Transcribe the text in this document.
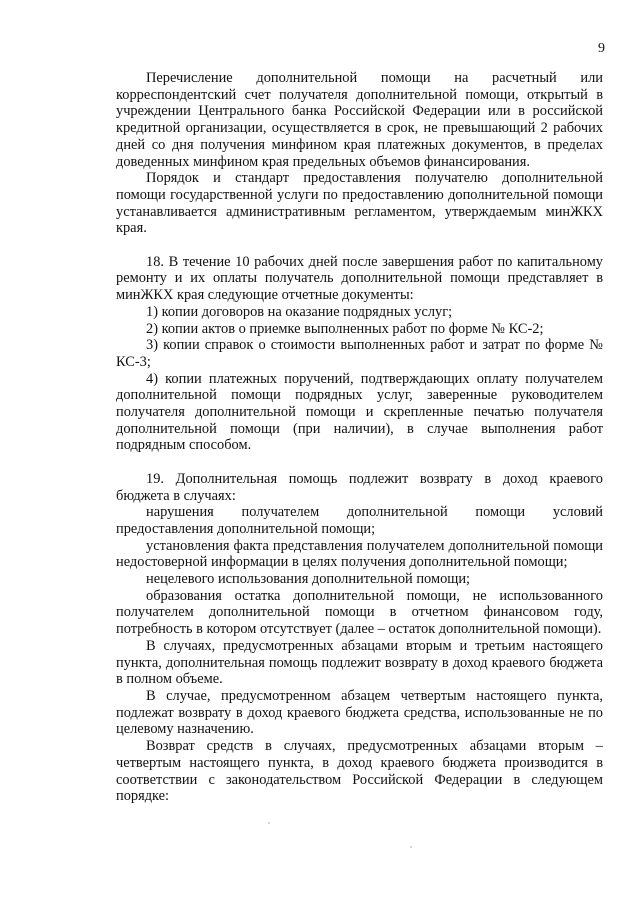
9

Перечисление дополнительной помощи на расчетный или корреспондентский счет получателя дополнительной помощи, открытый в учреждении Центрального банка Российской Федерации или в российской кредитной организации, осуществляется в срок, не превышающий 2 рабочих дней со дня получения минфином края платежных документов, в пределах доведенных минфином края предельных объемов финансирования.

Порядок и стандарт предоставления получателю дополнительной помощи государственной услуги по предоставлению дополнительной помощи устанавливается административным регламентом, утверждаемым минЖКХ края.

18. В течение 10 рабочих дней после завершения работ по капитальному ремонту и их оплаты получатель дополнительной помощи представляет в минЖКХ края следующие отчетные документы:

1) копии договоров на оказание подрядных услуг;

2) копии актов о приемке выполненных работ по форме № КС-2;

3) копии справок о стоимости выполненных работ и затрат по форме № КС-3;

4) копии платежных поручений, подтверждающих оплату получателем дополнительной помощи подрядных услуг, заверенные руководителем получателя дополнительной помощи и скрепленные печатью получателя дополнительной помощи (при наличии), в случае выполнения работ подрядным способом.

19. Дополнительная помощь подлежит возврату в доход краевого бюджета в случаях:

нарушения получателем дополнительной помощи условий предоставления дополнительной помощи;

установления факта представления получателем дополнительной помощи недостоверной информации в целях получения дополнительной помощи;

нецелевого использования дополнительной помощи;

образования остатка дополнительной помощи, не использованного получателем дополнительной помощи в отчетном финансовом году, потребность в котором отсутствует (далее – остаток дополнительной помощи).

В случаях, предусмотренных абзацами вторым и третьим настоящего пункта, дополнительная помощь подлежит возврату в доход краевого бюджета в полном объеме.

В случае, предусмотренном абзацем четвертым настоящего пункта, подлежат возврату в доход краевого бюджета средства, использованные не по целевому назначению.

Возврат средств в случаях, предусмотренных абзацами вторым – четвертым настоящего пункта, в доход краевого бюджета производится в соответствии с законодательством Российской Федерации в следующем порядке:
